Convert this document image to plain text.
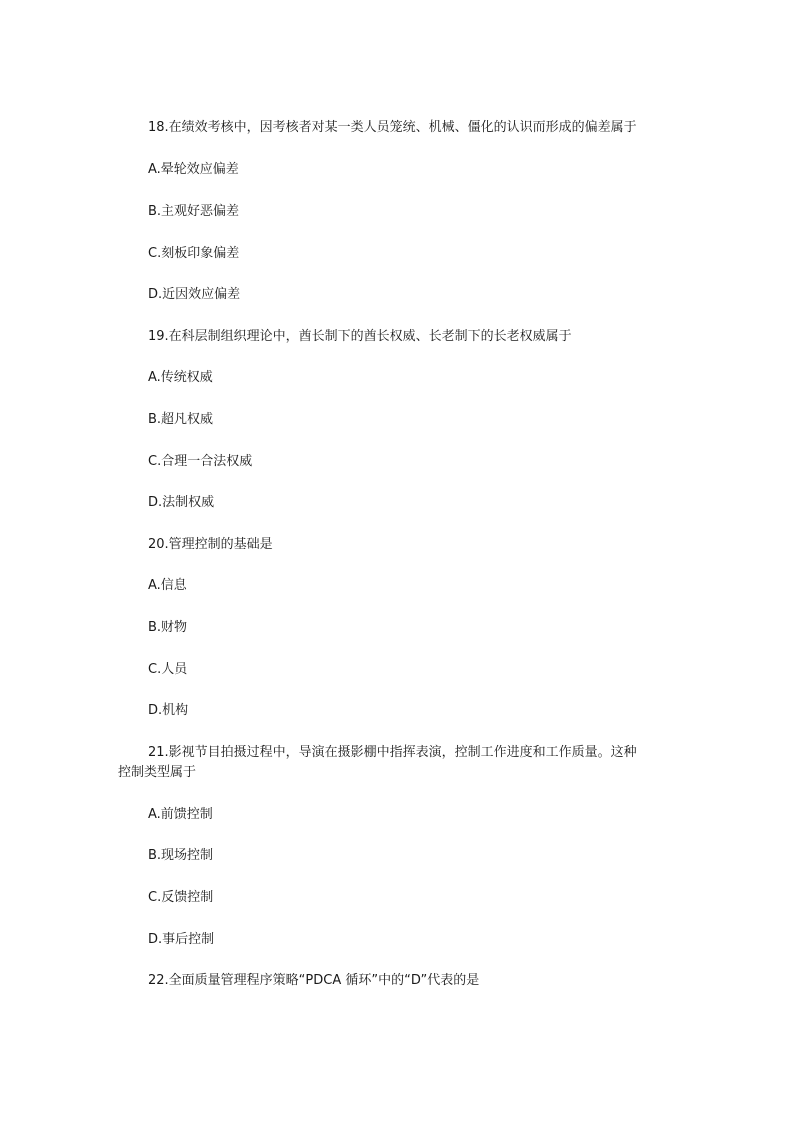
18.在绩效考核中，因考核者对某一类人员笼统、机械、僵化的认识而形成的偏差属于
A.晕轮效应偏差
B.主观好恶偏差
C.刻板印象偏差
D.近因效应偏差
19.在科层制组织理论中，酋长制下的酋长权威、长老制下的长老权威属于
A.传统权威
B.超凡权威
C.合理一合法权威
D.法制权威
20.管理控制的基础是
A.信息
B.财物
C.人员
D.机构
21.影视节目拍摄过程中，导演在摄影棚中指挥表演，控制工作进度和工作质量。这种
控制类型属于
A.前馈控制
B.现场控制
C.反馈控制
D.事后控制
22.全面质量管理程序策略“PDCA 循环”中的“D”代表的是
